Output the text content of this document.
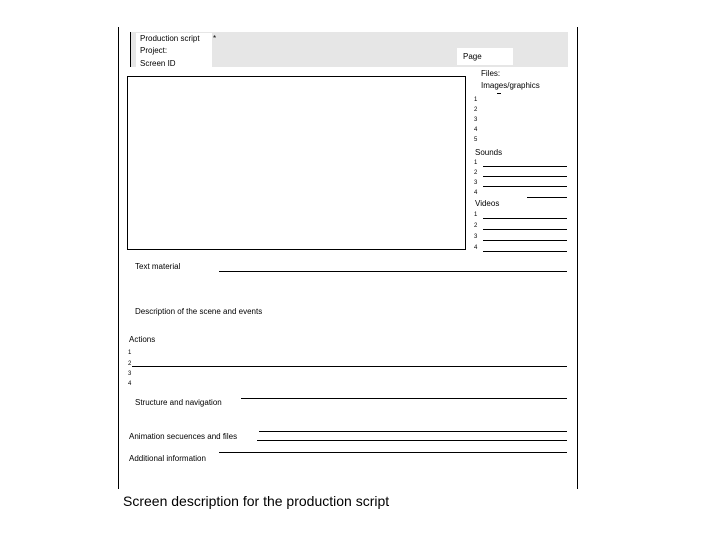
Production script *
Project:
Screen ID
Page
Files:
Images/graphics
1
2
3
4
5
Sounds
1
2
3
4
Videos
1
2
3
4
Text material
Description of the scene and events
Actions
1
2
3
4
Structure and navigation
Animation secuences and files
Additional information
Screen description for the production script
